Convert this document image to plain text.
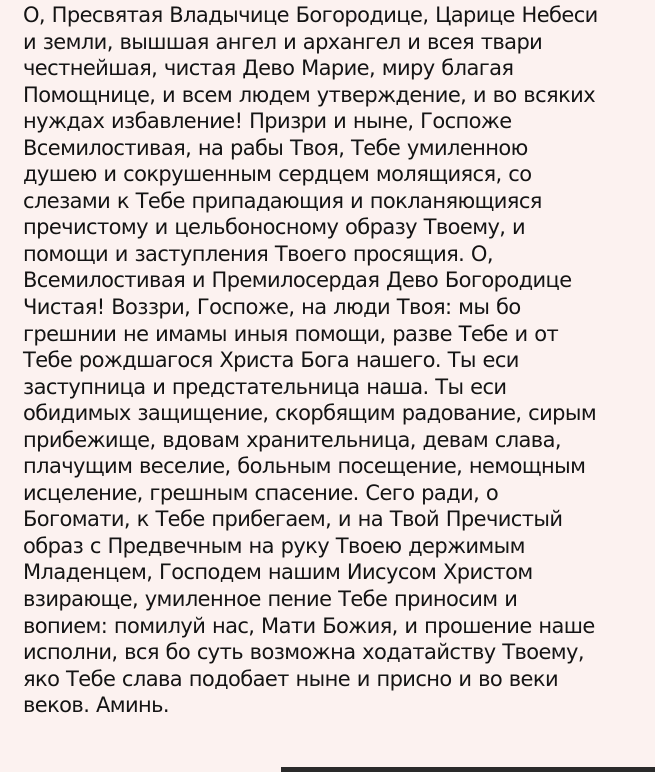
О, Пресвятая Владычице Богородице, Царице Небеси
и земли, вышшая ангел и архангел и всея твари
честнейшая, чистая Дево Марие, миру благая
Помощнице, и всем людем утверждение, и во всяких
нуждах избавление! Призри и ныне, Госпоже
Всемилостивая, на рабы Твоя, Тебе умиленною
душею и сокрушенным сердцем молящияся, со
слезами к Тебе припадающия и покланяющияся
пречистому и цельбоносному образу Твоему, и
помощи и заступления Твоего просящия. О,
Всемилостивая и Премилосердая Дево Богородице
Чистая! Воззри, Госпоже, на люди Твоя: мы бо
грешнии не имамы иныя помощи, разве Тебе и от
Тебе рождшагося Христа Бога нашего. Ты еси
заступница и предстательница наша. Ты еси
обидимых защищение, скорбящим радование, сирым
прибежище, вдовам хранительница, девам слава,
плачущим веселие, больным посещение, немощным
исцеление, грешным спасение. Сего ради, о
Богомати, к Тебе прибегаем, и на Твой Пречистый
образ с Предвечным на руку Твоею держимым
Младенцем, Господем нашим Иисусом Христом
взирающе, умиленное пение Тебе приносим и
вопием: помилуй нас, Мати Божия, и прошение наше
исполни, вся бо суть возможна ходатайству Твоему,
яко Тебе слава подобает ныне и присно и во веки
веков. Аминь.
